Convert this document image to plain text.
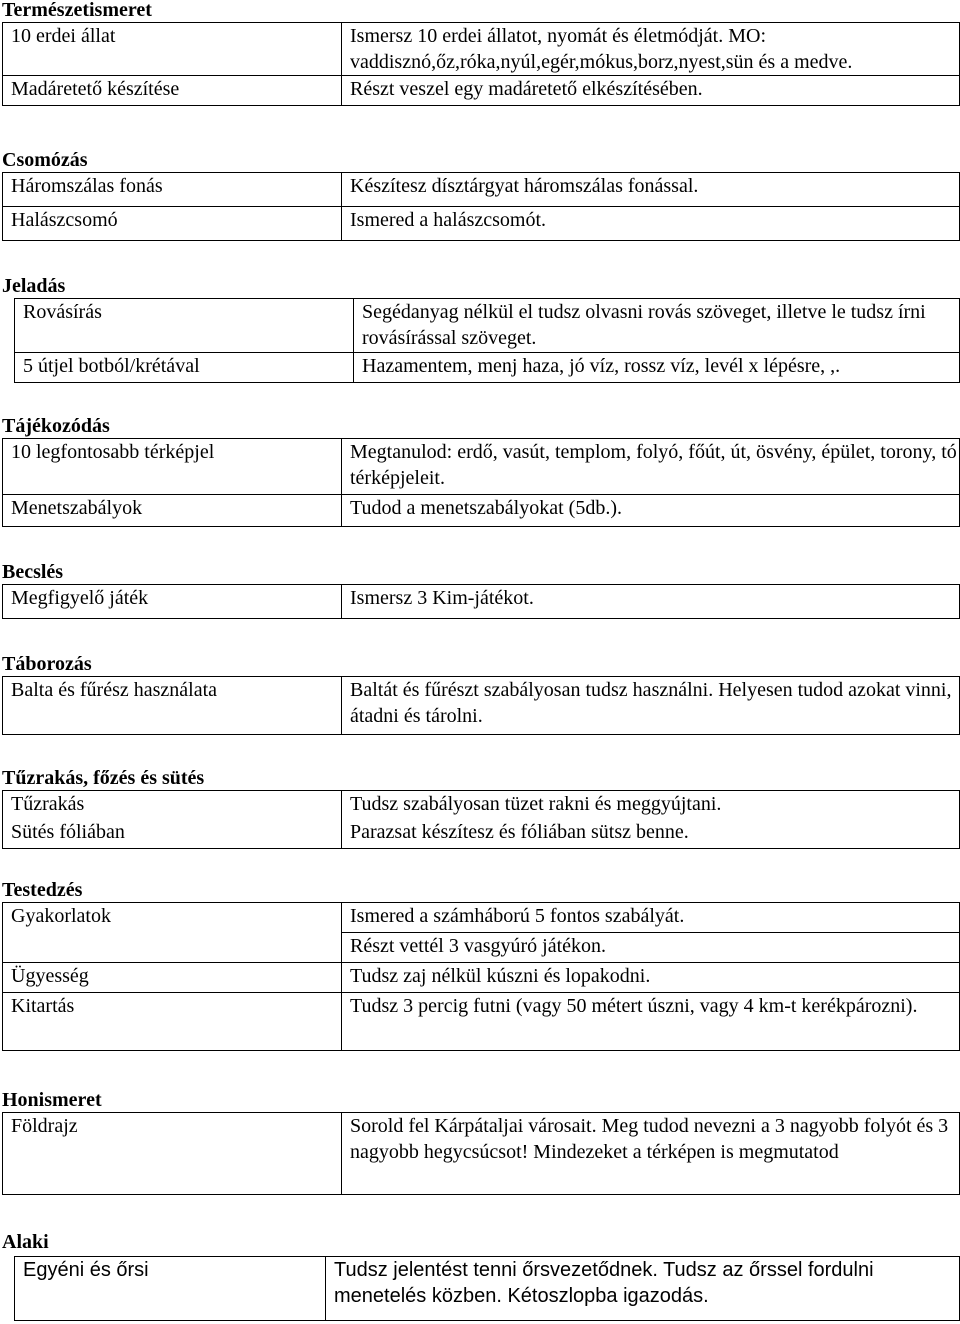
Természetismeret
10 erdei állat	Ismersz 10 erdei állatot, nyomát és életmódját. MO: vaddisznó,őz,róka,nyúl,egér,mókus,borz,nyest,sün és a medve.
Madáretető készítése	Részt veszel egy madáretető elkészítésében.
Csomózás
Háromszálas fonás	Készítesz dísztárgyat háromszálas fonással.
Halászcsomó	Ismered a halászcsomót.
Jeladás
Rovásírás	Segédanyag nélkül el tudsz olvasni rovás szöveget, illetve le tudsz írni rovásírással szöveget.
5 útjel botból/krétával	Hazamentem, menj haza, jó víz, rossz víz, levél x lépésre, ,.
Tájékozódás
10 legfontosabb térképjel	Megtanulod: erdő, vasút, templom, folyó, főút, út, ösvény, épület, torony, tó térképjeleit.
Menetszabályok	Tudod a menetszabályokat (5db.).
Becslés
Megfigyelő játék	Ismersz 3 Kim-játékot.
Táborozás
Balta és fűrész használata	Baltát és fűrészt szabályosan tudsz használni. Helyesen tudod azokat vinni, átadni és tárolni.
Tűzrakás, főzés és sütés
Tűzrakás	Tudsz szabályosan tüzet rakni és meggyújtani.
Sütés fóliában	Parazsat készítesz és fóliában sütsz benne.
Testedzés
Gyakorlatok	Ismered a számháború 5 fontos szabályát.
	Részt vettél 3 vasgyúró játékon.
Ügyesség	Tudsz zaj nélkül kúszni és lopakodni.
Kitartás	Tudsz 3 percig futni (vagy 50 métert úszni, vagy 4 km-t kerékpározni).
Honismeret
Földrajz	Sorold fel Kárpátaljai városait. Meg tudod nevezni a 3 nagyobb folyót és 3 nagyobb hegycsúcsot! Mindezeket a térképen is megmutatod
Alaki
Egyéni és őrsi	Tudsz jelentést tenni őrsvezetődnek. Tudsz az őrssel fordulni menetelés közben. Kétoszlopba igazodás.
